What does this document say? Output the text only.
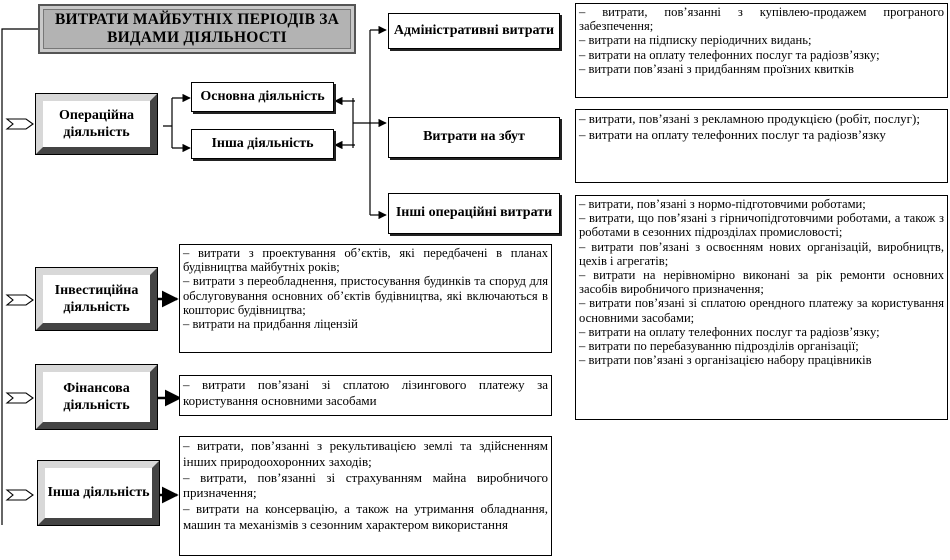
ВИТРАТИ МАЙБУТНІХ ПЕРІОДІВ ЗА ВИДАМИ ДІЯЛЬНОСТІ
Операційна діяльність
Інвестиційна діяльність
Фінансова діяльність
Інша діяльність
Основна діяльність
Інша діяльність
Адміністративні витрати
Витрати на збут
Інші операційні витрати
– витрати, пов’язанні з купівлею-продажем програного забезпечення;
– витрати на підписку періодичних видань;
– витрати на оплату телефонних послуг та радіозв’язку;
– витрати пов’язані з придбанням проїзних квитків
– витрати, пов’язані з рекламною продукцією (робіт, послуг);
– витрати на оплату телефонних послуг та радіозв’язку
– витрати, пов’язані з нормо-підготовчими роботами;
– витрати, що пов’язані з гірничопідготовчими роботами, а також з роботами в сезонних підрозділах промисловості;
– витрати пов’язані з освоєнням нових організацій, виробництв, цехів і агрегатів;
– витрати на нерівномірно виконані за рік ремонти основних засобів виробничого призначення;
– витрати пов’язані зі сплатою орендного платежу за користування основними засобами;
– витрати на оплату телефонних послуг та радіозв’язку;
– витрати по перебазуванню підрозділів організації;
– витрати пов’язані з організацією набору працівників
– витрати з проектування об’єктів, які передбачені в планах будівництва майбутніх років;
– витрати з переобладнення, пристосування будинків та споруд для обслуговування основних об’єктів будівництва, які включаються в кошторис будівництва;
– витрати на придбання ліцензій
– витрати пов’язані зі сплатою лізингового платежу за користування основними засобами
– витрати, пов’язанні з рекультивацією землі та здійсненням інших природоохоронних заходів;
– витрати, пов’язанні зі страхуванням майна виробничого призначення;
– витрати на консервацію, а також на утримання обладнання, машин та механізмів з сезонним характером використання
